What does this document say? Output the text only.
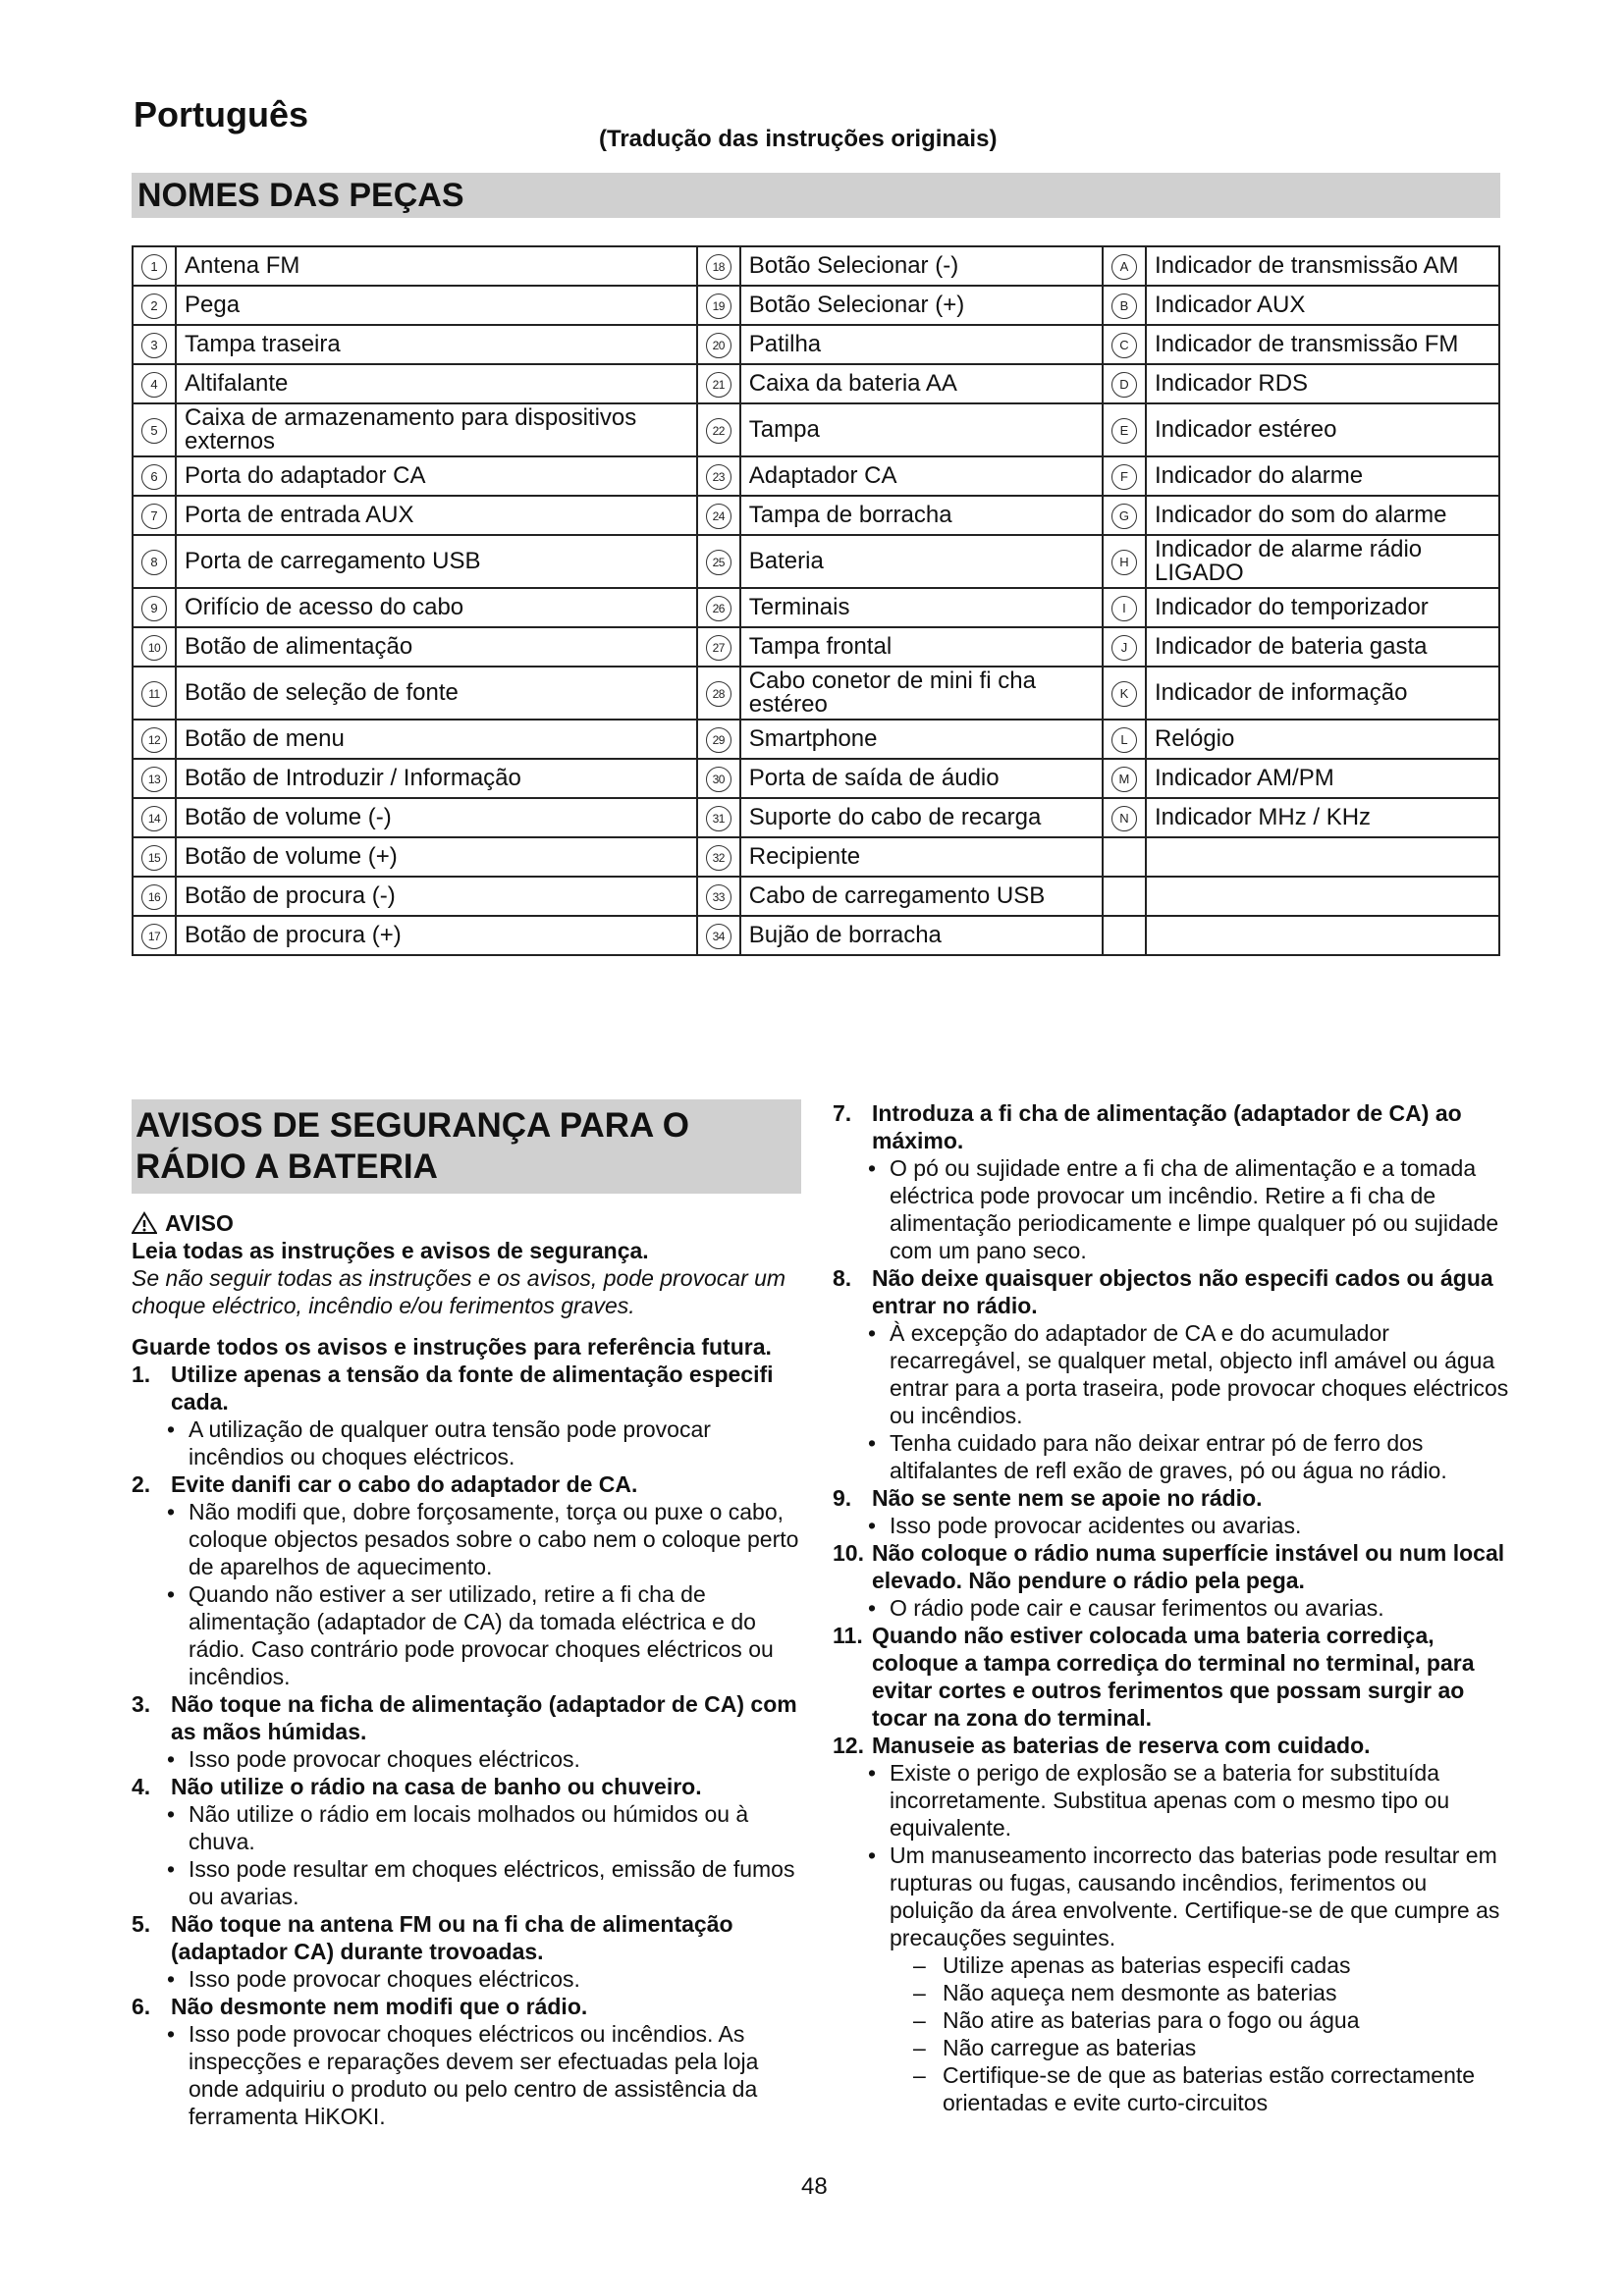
Português
(Tradução das instruções originais)
NOMES DAS PEÇAS
1	Antena FM	18	Botão Selecionar (-)	A	Indicador de transmissão AM
2	Pega	19	Botão Selecionar (+)	B	Indicador AUX
3	Tampa traseira	20	Patilha	C	Indicador de transmissão FM
4	Altifalante	21	Caixa da bateria AA	D	Indicador RDS
5	Caixa de armazenamento para dispositivos externos	22	Tampa	E	Indicador estéreo
6	Porta do adaptador CA	23	Adaptador CA	F	Indicador do alarme
7	Porta de entrada AUX	24	Tampa de borracha	G	Indicador do som do alarme
8	Porta de carregamento USB	25	Bateria	H	Indicador de alarme rádio LIGADO
9	Orifício de acesso do cabo	26	Terminais	I	Indicador do temporizador
10	Botão de alimentação	27	Tampa frontal	J	Indicador de bateria gasta
11	Botão de seleção de fonte	28	Cabo conetor de mini fi cha estéreo	K	Indicador de informação
12	Botão de menu	29	Smartphone	L	Relógio
13	Botão de Introduzir / Informação	30	Porta de saída de áudio	M	Indicador AM/PM
14	Botão de volume (-)	31	Suporte do cabo de recarga	N	Indicador MHz / KHz
15	Botão de volume (+)	32	Recipiente		
16	Botão de procura (-)	33	Cabo de carregamento USB		
17	Botão de procura (+)	34	Bujão de borracha		
AVISOS DE SEGURANÇA PARA O RÁDIO A BATERIA
AVISO
Leia todas as instruções e avisos de segurança.
Se não seguir todas as instruções e os avisos, pode provocar um choque eléctrico, incêndio e/ou ferimentos graves.
Guarde todos os avisos e instruções para referência futura.
1. Utilize apenas a tensão da fonte de alimentação especifi cada.
• A utilização de qualquer outra tensão pode provocar incêndios ou choques eléctricos.
2. Evite danifi car o cabo do adaptador de CA.
• Não modifi que, dobre forçosamente, torça ou puxe o cabo, coloque objectos pesados sobre o cabo nem o coloque perto de aparelhos de aquecimento.
• Quando não estiver a ser utilizado, retire a fi cha de alimentação (adaptador de CA) da tomada eléctrica e do rádio. Caso contrário pode provocar choques eléctricos ou incêndios.
3. Não toque na ficha de alimentação (adaptador de CA) com as mãos húmidas.
• Isso pode provocar choques eléctricos.
4. Não utilize o rádio na casa de banho ou chuveiro.
• Não utilize o rádio em locais molhados ou húmidos ou à chuva.
• Isso pode resultar em choques eléctricos, emissão de fumos ou avarias.
5. Não toque na antena FM ou na fi cha de alimentação (adaptador CA) durante trovoadas.
• Isso pode provocar choques eléctricos.
6. Não desmonte nem modifi que o rádio.
• Isso pode provocar choques eléctricos ou incêndios. As inspecções e reparações devem ser efectuadas pela loja onde adquiriu o produto ou pelo centro de assistência da ferramenta HiKOKI.
7. Introduza a fi cha de alimentação (adaptador de CA) ao máximo.
• O pó ou sujidade entre a fi cha de alimentação e a tomada eléctrica pode provocar um incêndio. Retire a fi cha de alimentação periodicamente e limpe qualquer pó ou sujidade com um pano seco.
8. Não deixe quaisquer objectos não especifi cados ou água entrar no rádio.
• À excepção do adaptador de CA e do acumulador recarregável, se qualquer metal, objecto infl amável ou água entrar para a porta traseira, pode provocar choques eléctricos ou incêndios.
• Tenha cuidado para não deixar entrar pó de ferro dos altifalantes de refl exão de graves, pó ou água no rádio.
9. Não se sente nem se apoie no rádio.
• Isso pode provocar acidentes ou avarias.
10. Não coloque o rádio numa superfície instável ou num local elevado. Não pendure o rádio pela pega.
• O rádio pode cair e causar ferimentos ou avarias.
11. Quando não estiver colocada uma bateria corrediça, coloque a tampa corrediça do terminal no terminal, para evitar cortes e outros ferimentos que possam surgir ao tocar na zona do terminal.
12. Manuseie as baterias de reserva com cuidado.
• Existe o perigo de explosão se a bateria for substituída incorretamente. Substitua apenas com o mesmo tipo ou equivalente.
• Um manuseamento incorrecto das baterias pode resultar em rupturas ou fugas, causando incêndios, ferimentos ou poluição da área envolvente. Certifique-se de que cumpre as precauções seguintes.
– Utilize apenas as baterias especifi cadas
– Não aqueça nem desmonte as baterias
– Não atire as baterias para o fogo ou água
– Não carregue as baterias
– Certifique-se de que as baterias estão correctamente orientadas e evite curto-circuitos
48
